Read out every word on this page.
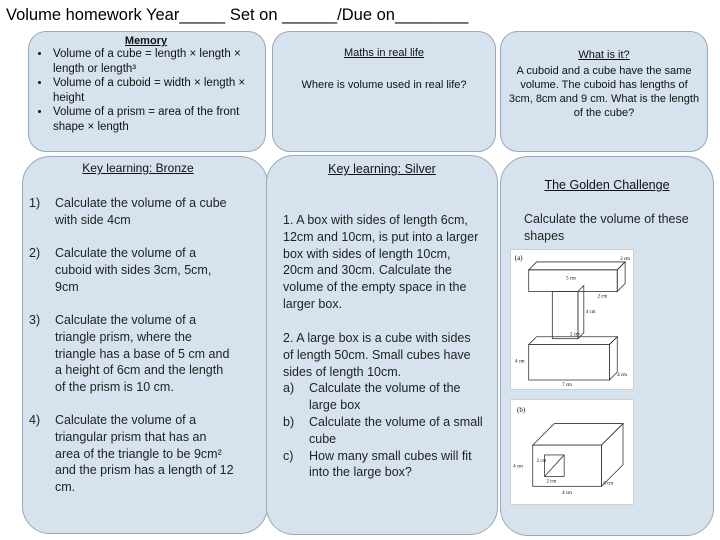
Volume homework Year_____ Set on ______/Due on________
Memory
• Volume of a cube = length × length × length or length³
• Volume of a cuboid = width × length × height
• Volume of a prism = area of the front shape × length
Maths in real life
Where is volume used in real life?
What is it?
A cuboid and a cube have the same volume. The cuboid has lengths of 3cm, 8cm and 9 cm. What is the length of the cube?
Key learning: Bronze
1) Calculate the volume of a cube with side 4cm
2) Calculate the volume of a cuboid with sides 3cm, 5cm, 9cm
3) Calculate the volume of a triangle prism, where the triangle has a base of 5 cm and a height of 6cm and the length of the prism is 10 cm.
4) Calculate the volume of a triangular prism that has an area of the triangle to be 9cm² and the prism has a length of 12 cm.
Key learning: Silver
1. A box with sides of length 6cm, 12cm and 10cm, is put into a larger box with sides of length 10cm, 20cm and 30cm. Calculate the volume of the empty space in the larger box.
2. A large box is a cube with sides of length 50cm. Small cubes have sides of length 10cm.
a) Calculate the volume of the large box
b) Calculate the volume of a small cube
c) How many small cubes will fit into the large box?
The Golden Challenge
Calculate the volume of these shapes
(a)
5 cm
2 cm
2 cm
4 cm
2 cm
7 cm
4 cm
4 cm
(b)
2 cm
2 cm
4 cm
8 cm
4 cm
